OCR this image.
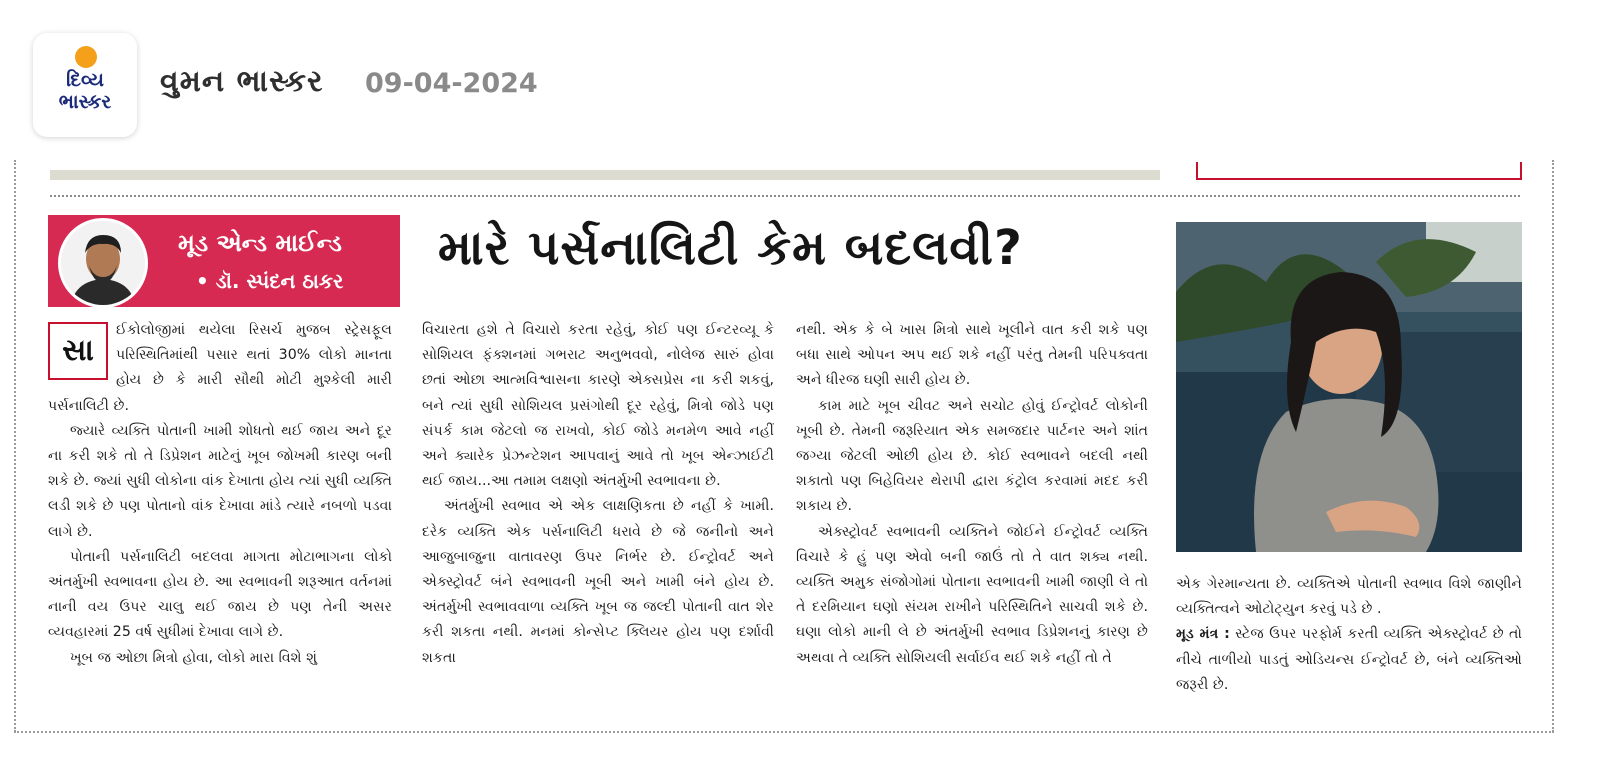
દિવ્ય
ભાસ્કર
વુમન ભાસ્કર 09-04-2024
મૂડ એન્ડ માઈન્ડ
• ડૉ. સ્પંદન ઠાકર
મારે પર્સનાલિટી કેમ બદલવી?
સા

ઈકોલોજીમાં થયેલા રિસર્ચ મુજબ સ્ટ્રેસફૂલ પરિસ્થિતિમાંથી પસાર થતાં 30% લોકો માનતા હોય છે કે મારી સૌથી મોટી મુશ્કેલી મારી પર્સનાલિટી છે.

જ્યારે વ્યક્તિ પોતાની ખામી શોધતો થઈ જાય અને દૂર ના કરી શકે તો તે ડિપ્રેશન માટેનું ખૂબ જોખમી કારણ બની શકે છે. જ્યાં સુધી લોકોના વાંક દેખાતા હોય ત્યાં સુધી વ્યક્તિ લડી શકે છે પણ પોતાનો વાંક દેખાવા માંડે ત્યારે નબળો પડવા લાગે છે.

પોતાની પર્સનાલિટી બદલવા માગતા મોટાભાગના લોકો અંતર્મુખી સ્વભાવના હોય છે. આ સ્વભાવની શરૂઆત વર્તનમાં નાની વય ઉપર ચાલુ થઈ જાય છે પણ તેની અસર વ્યવહારમાં 25 વર્ષ સુધીમાં દેખાવા લાગે છે.

ખૂબ જ ઓછા મિત્રો હોવા, લોકો મારા વિશે શું

વિચારતા હશે તે વિચારો કરતા રહેવું, કોઈ પણ ઈન્ટરવ્યૂ કે સોશિયલ ફંક્શનમાં ગભરાટ અનુભવવો, નોલેજ સારું હોવા છતાં ઓછા આત્મવિશ્વાસના કારણે એક્સપ્રેસ ના કરી શકવું, બને ત્યાં સુધી સોશિયલ પ્રસંગોથી દૂર રહેવું, મિત્રો જોડે પણ સંપર્ક કામ જેટલો જ રાખવો, કોઈ જોડે મનમેળ આવે નહીં અને ક્યારેક પ્રેઝન્ટેશન આપવાનું આવે તો ખૂબ એન્ઝાઈટી થઈ જાય...આ તમામ લક્ષણો અંતર્મુખી સ્વભાવના છે.

અંતર્મુખી સ્વભાવ એ એક લાક્ષણિકતા છે નહીં કે ખામી. દરેક વ્યક્તિ એક પર્સનાલિટી ધરાવે છે જે જનીનો અને આજુબાજુના વાતાવરણ ઉપર નિર્ભર છે. ઈન્ટ્રોવર્ટ અને એક્સ્ટ્રોવર્ટ બંને સ્વભાવની ખૂબી અને ખામી બંને હોય છે. અંતર્મુખી સ્વભાવવાળા વ્યક્તિ ખૂબ જ જલ્દી પોતાની વાત શેર કરી શકતા નથી. મનમાં કોન્સેપ્ટ ક્લિયર હોય પણ દર્શાવી શકતા

નથી. એક કે બે ખાસ મિત્રો સાથે ખૂલીને વાત કરી શકે પણ બધા સાથે ઓપન અપ થઈ શકે નહીં પરંતુ તેમની પરિપક્વતા અને ધીરજ ઘણી સારી હોય છે.

કામ માટે ખૂબ ચીવટ અને સચોટ હોવું ઈન્ટ્રોવર્ટ લોકોની ખૂબી છે. તેમની જરૂરિયાત એક સમજદાર પાર્ટનર અને શાંત જગ્યા જેટલી ઓછી હોય છે. કોઈ સ્વભાવને બદલી નથી શકાતો પણ બિહેવિયર થેરાપી દ્વારા કંટ્રોલ કરવામાં મદદ કરી શકાય છે.

એક્સ્ટ્રોવર્ટ સ્વભાવની વ્યક્તિને જોઈને ઈન્ટ્રોવર્ટ વ્યક્તિ વિચારે કે હું પણ એવો બની જાઉં તો તે વાત શક્ય નથી. વ્યક્તિ અમુક સંજોગોમાં પોતાના સ્વભાવની ખામી જાણી લે તો તે દરમિયાન ઘણો સંયમ રાખીને પરિસ્થિતિને સાચવી શકે છે. ઘણા લોકો માની લે છે અંતર્મુખી સ્વભાવ ડિપ્રેશનનું કારણ છે અથવા તે વ્યક્તિ સોશિયલી સર્વાઈવ થઈ શકે નહીં તો તે

એક ગેરમાન્યતા છે. વ્યક્તિએ પોતાની સ્વભાવ વિશે જાણીને વ્યક્તિત્વને ઓટોટ્યુન કરવું પડે છે .

મૂડ મંત્ર : સ્ટેજ ઉપર પરફોર્મ કરતી વ્યક્તિ એક્સ્ટ્રોવર્ટ છે તો નીચે તાળીયો પાડતું ઓડિયન્સ ઈન્ટ્રોવર્ટ છે, બંને વ્યક્તિઓ જરૂરી છે.
